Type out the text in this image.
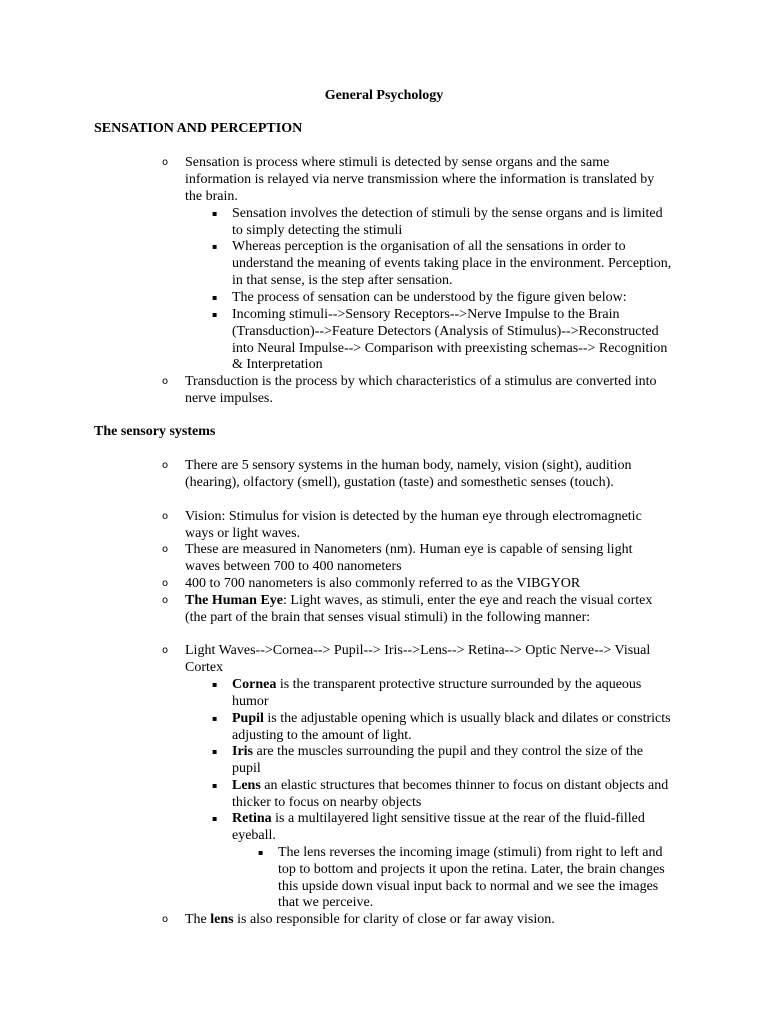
General Psychology
SENSATION AND PERCEPTION
o Sensation is process where stimuli is detected by sense organs and the same information is relayed via nerve transmission where the information is translated by the brain.
▪ Sensation involves the detection of stimuli by the sense organs and is limited to simply detecting the stimuli
▪ Whereas perception is the organisation of all the sensations in order to understand the meaning of events taking place in the environment. Perception, in that sense, is the step after sensation.
▪ The process of sensation can be understood by the figure given below:
▪ Incoming stimuli-->Sensory Receptors-->Nerve Impulse to the Brain (Transduction)-->Feature Detectors (Analysis of Stimulus)-->Reconstructed into Neural Impulse--> Comparison with preexisting schemas--> Recognition & Interpretation
o Transduction is the process by which characteristics of a stimulus are converted into nerve impulses.
The sensory systems
o There are 5 sensory systems in the human body, namely, vision (sight), audition (hearing), olfactory (smell), gustation (taste) and somesthetic senses (touch).
o Vision: Stimulus for vision is detected by the human eye through electromagnetic ways or light waves.
o These are measured in Nanometers (nm). Human eye is capable of sensing light waves between 700 to 400 nanometers
o 400 to 700 nanometers is also commonly referred to as the VIBGYOR
o The Human Eye: Light waves, as stimuli, enter the eye and reach the visual cortex (the part of the brain that senses visual stimuli) in the following manner:
o Light Waves-->Cornea--> Pupil--> Iris-->Lens--> Retina--> Optic Nerve--> Visual Cortex
▪ Cornea is the transparent protective structure surrounded by the aqueous humor
▪ Pupil is the adjustable opening which is usually black and dilates or constricts adjusting to the amount of light.
▪ Iris are the muscles surrounding the pupil and they control the size of the pupil
▪ Lens an elastic structures that becomes thinner to focus on distant objects and thicker to focus on nearby objects
▪ Retina is a multilayered light sensitive tissue at the rear of the fluid-filled eyeball.
▪ The lens reverses the incoming image (stimuli) from right to left and top to bottom and projects it upon the retina. Later, the brain changes this upside down visual input back to normal and we see the images that we perceive.
o The lens is also responsible for clarity of close or far away vision.
